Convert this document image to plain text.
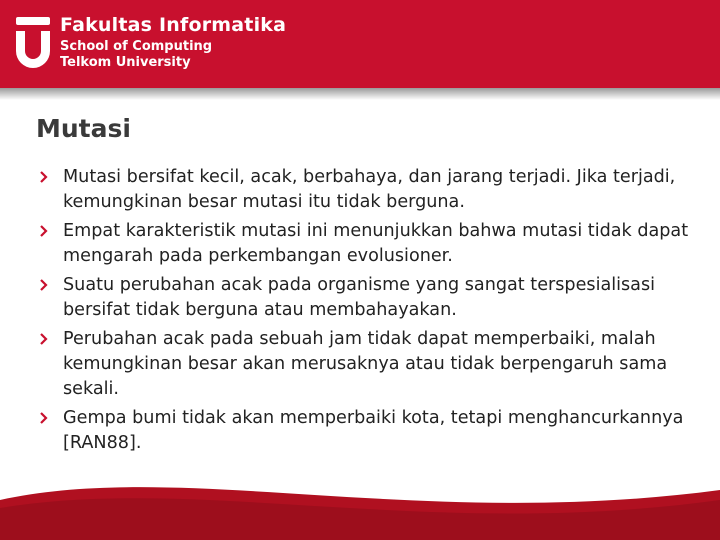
Fakultas Informatika
School of Computing
Telkom University
Mutasi
Mutasi bersifat kecil, acak, berbahaya, dan jarang terjadi. Jika terjadi, kemungkinan besar mutasi itu tidak berguna.
Empat karakteristik mutasi ini menunjukkan bahwa mutasi tidak dapat mengarah pada perkembangan evolusioner.
Suatu perubahan acak pada organisme yang sangat terspesialisasi bersifat tidak berguna atau membahayakan.
Perubahan acak pada sebuah jam tidak dapat memperbaiki, malah kemungkinan besar akan merusaknya atau tidak berpengaruh sama sekali.
Gempa bumi tidak akan memperbaiki kota, tetapi menghancurkannya [RAN88].
